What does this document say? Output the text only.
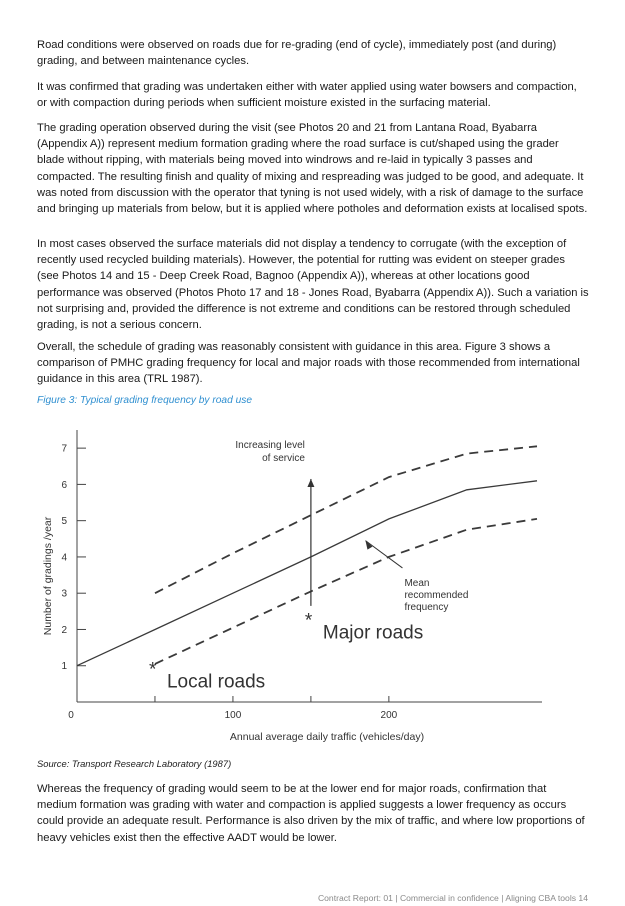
Road conditions were observed on roads due for re-grading (end of cycle), immediately post (and during) grading, and between maintenance cycles.

It was confirmed that grading was undertaken either with water applied using water bowsers and compaction, or with compaction during periods when sufficient moisture existed in the surfacing material.

The grading operation observed during the visit (see Photos 20 and 21 from Lantana Road, Byabarra (Appendix A)) represent medium formation grading where the road surface is cut/shaped using the grader blade without ripping, with materials being moved into windrows and re-laid in typically 3 passes and compacted. The resulting finish and quality of mixing and respreading was judged to be good, and adequate. It was noted from discussion with the operator that tyning is not used widely, with a risk of damage to the surface and bringing up materials from below, but it is applied where potholes and deformation exists at localised spots.

In most cases observed the surface materials did not display a tendency to corrugate (with the exception of recently used recycled building materials). However, the potential for rutting was evident on steeper grades (see Photos 14 and 15 - Deep Creek Road, Bagnoo (Appendix A)), whereas at other locations good performance was observed (Photos Photo 17 and 18 - Jones Road, Byabarra (Appendix A)). Such a variation is not surprising and, provided the difference is not extreme and conditions can be restored through scheduled grading, is not a serious concern.

Overall, the schedule of grading was reasonably consistent with guidance in this area. Figure 3 shows a comparison of PMHC grading frequency for local and major roads with those recommended from international guidance in this area (TRL 1987).

Figure 3: Typical grading frequency by road use
1
2
3
4
5
6
7
0	100	200
Annual average daily traffic (vehicles/day)
Number of gradings /year
Increasing level
of service
Mean
recommended
frequency
*
Local roads
*
Major roads
Source: Transport Research Laboratory (1987)

Whereas the frequency of grading would seem to be at the lower end for major roads, confirmation that medium formation was grading with water and compaction is applied suggests a lower frequency as occurs could provide an adequate result. Performance is also driven by the mix of traffic, and where low proportions of heavy vehicles exist then the effective AADT would be lower.

Contract Report: 01 | Commercial in confidence | Aligning CBA tools 14
